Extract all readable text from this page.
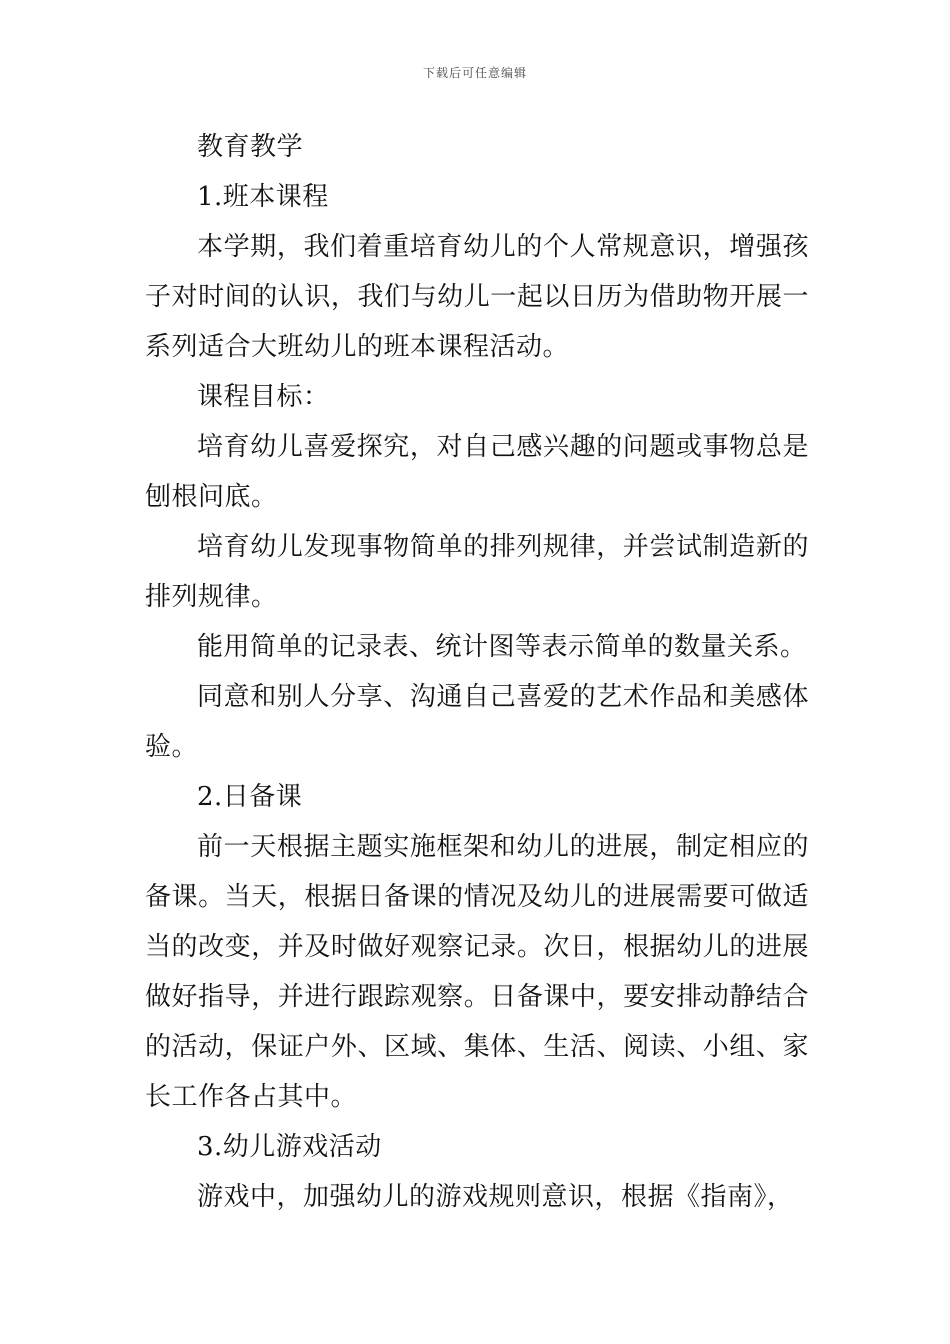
下载后可任意编辑

教育教学

1.班本课程

本学期，我们着重培育幼儿的个人常规意识，增强孩子对时间的认识，我们与幼儿一起以日历为借助物开展一系列适合大班幼儿的班本课程活动。

课程目标：

培育幼儿喜爱探究，对自己感兴趣的问题或事物总是刨根问底。

培育幼儿发现事物简单的排列规律，并尝试制造新的排列规律。

能用简单的记录表、统计图等表示简单的数量关系。

同意和别人分享、沟通自己喜爱的艺术作品和美感体验。

2.日备课

前一天根据主题实施框架和幼儿的进展，制定相应的备课。当天，根据日备课的情况及幼儿的进展需要可做适当的改变，并及时做好观察记录。次日，根据幼儿的进展做好指导，并进行跟踪观察。日备课中，要安排动静结合的活动，保证户外、区域、集体、生活、阅读、小组、家长工作各占其中。

3.幼儿游戏活动

游戏中，加强幼儿的游戏规则意识，根据《指南》，
